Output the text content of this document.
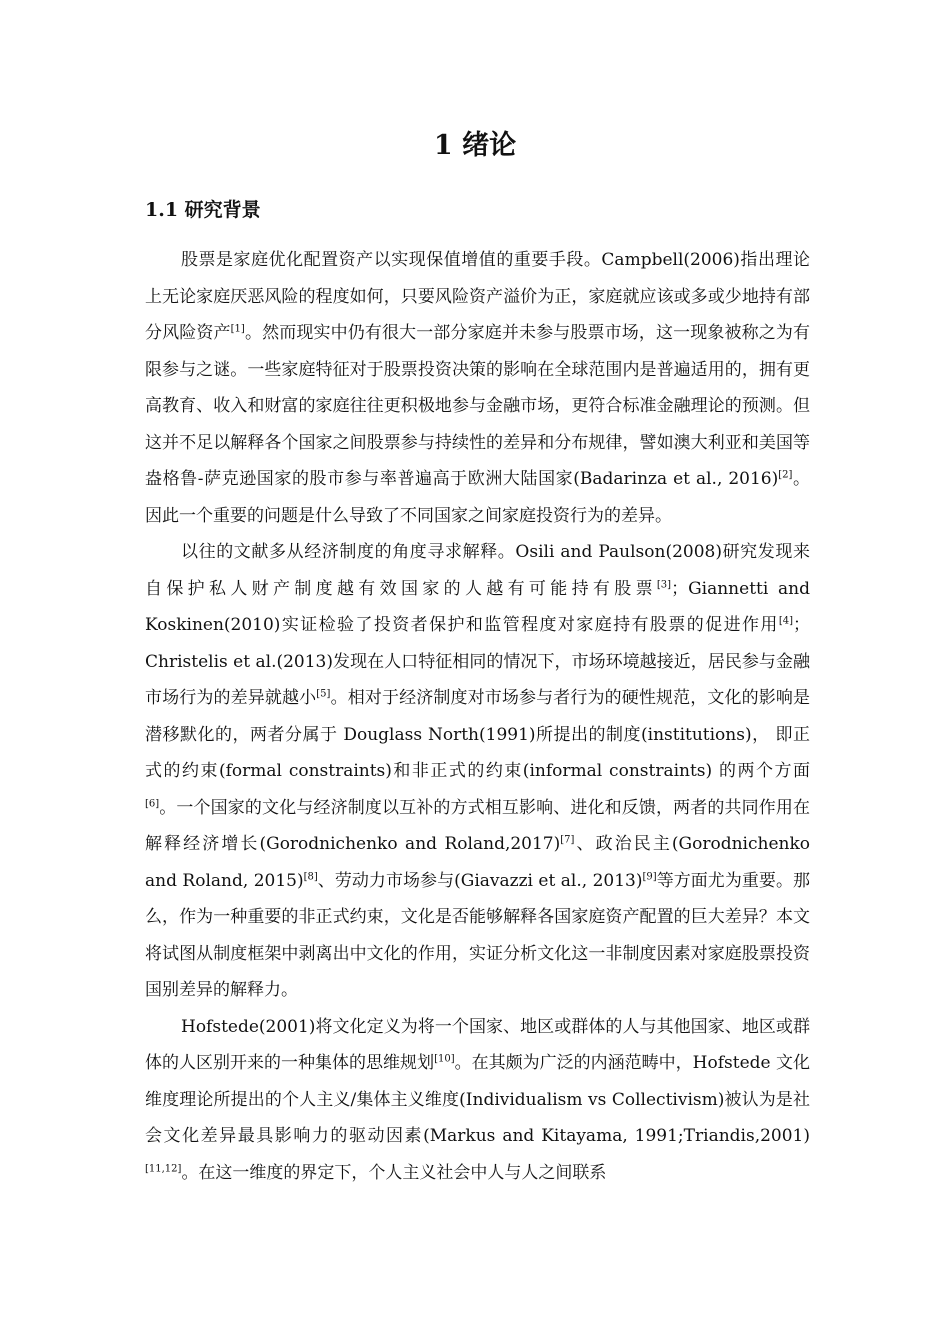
1 绪论
1.1 研究背景

股票是家庭优化配置资产以实现保值增值的重要手段。Campbell(2006)指出理论上无论家庭厌恶风险的程度如何，只要风险资产溢价为正，家庭就应该或多或少地持有部分风险资产[1]。然而现实中仍有很大一部分家庭并未参与股票市场，这一现象被称之为有限参与之谜。一些家庭特征对于股票投资决策的影响在全球范围内是普遍适用的，拥有更高教育、收入和财富的家庭往往更积极地参与金融市场，更符合标准金融理论的预测。但这并不足以解释各个国家之间股票参与持续性的差异和分布规律，譬如澳大利亚和美国等盎格鲁-萨克逊国家的股市参与率普遍高于欧洲大陆国家(Badarinza et al., 2016)[2]。因此一个重要的问题是什么导致了不同国家之间家庭投资行为的差异。

以往的文献多从经济制度的角度寻求解释。Osili and Paulson(2008)研究发现来自保护私人财产制度越有效国家的人越有可能持有股票[3]；Giannetti and Koskinen(2010)实证检验了投资者保护和监管程度对家庭持有股票的促进作用[4]；Christelis et al.(2013)发现在人口特征相同的情况下，市场环境越接近，居民参与金融市场行为的差异就越小[5]。相对于经济制度对市场参与者行为的硬性规范，文化的影响是潜移默化的，两者分属于 Douglass North(1991)所提出的制度(institutions)， 即正式的约束(formal constraints)和非正式的约束(informal constraints) 的两个方面[6]。一个国家的文化与经济制度以互补的方式相互影响、进化和反馈，两者的共同作用在解释经济增长(Gorodnichenko and Roland,2017)[7]、政治民主(Gorodnichenko and Roland, 2015)[8]、劳动力市场参与(Giavazzi et al., 2013)[9]等方面尤为重要。那么，作为一种重要的非正式约束，文化是否能够解释各国家庭资产配置的巨大差异？本文将试图从制度框架中剥离出中文化的作用，实证分析文化这一非制度因素对家庭股票投资国别差异的解释力。

Hofstede(2001)将文化定义为将一个国家、地区或群体的人与其他国家、地区或群体的人区别开来的一种集体的思维规划[10]。在其颇为广泛的内涵范畴中，Hofstede 文化维度理论所提出的个人主义/集体主义维度(Individualism vs Collectivism)被认为是社会文化差异最具影响力的驱动因素(Markus and Kitayama, 1991;Triandis,2001)[11,12]。在这一维度的界定下，个人主义社会中人与人之间联系
